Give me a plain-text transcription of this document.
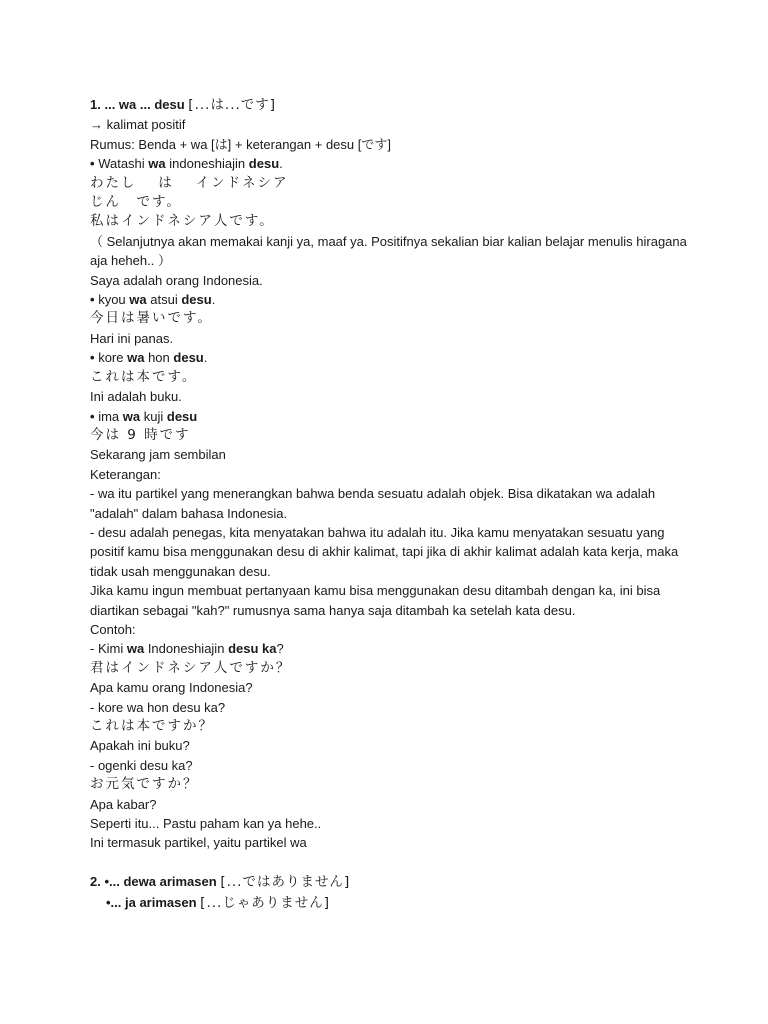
1. ... wa ... desu [...は...です]
→ kalimat positif
Rumus: Benda + wa [は] + keterangan + desu [です]
• Watashi wa indoneshiajin desu.
わたし　 は　 インドネシア
じん　です。
私はインドネシア人です。
（ Selanjutnya akan memakai kanji ya, maaf ya. Positifnya sekalian biar kalian belajar menulis hiragana aja heheh.. ）
Saya adalah orang Indonesia.
• kyou wa atsui desu.
今日は暑いです。
Hari ini panas.
• kore wa hon desu.
これは本です。
Ini adalah buku.
• ima wa kuji desu
今は 9 時です
Sekarang jam sembilan
Keterangan:
- wa itu partikel yang menerangkan bahwa benda sesuatu adalah objek. Bisa dikatakan wa adalah "adalah" dalam bahasa Indonesia.
- desu adalah penegas, kita menyatakan bahwa itu adalah itu. Jika kamu menyatakan sesuatu yang positif kamu bisa menggunakan desu di akhir kalimat, tapi jika di akhir kalimat adalah kata kerja, maka tidak usah menggunakan desu.
Jika kamu ingun membuat pertanyaan kamu bisa menggunakan desu ditambah dengan ka, ini bisa diartikan sebagai "kah?" rumusnya sama hanya saja ditambah ka setelah kata desu.
Contoh:
- Kimi wa Indoneshiajin desu ka?
君はインドネシア人ですか？
Apa kamu orang Indonesia?
- kore wa hon desu ka?
これは本ですか？
Apakah ini buku?
- ogenki desu ka?
お元気ですか？
Apa kabar?
Seperti itu... Pastu paham kan ya hehe..
Ini termasuk partikel, yaitu partikel wa
2. •... dewa arimasen [...ではありません]
•... ja arimasen [...じゃありません]
